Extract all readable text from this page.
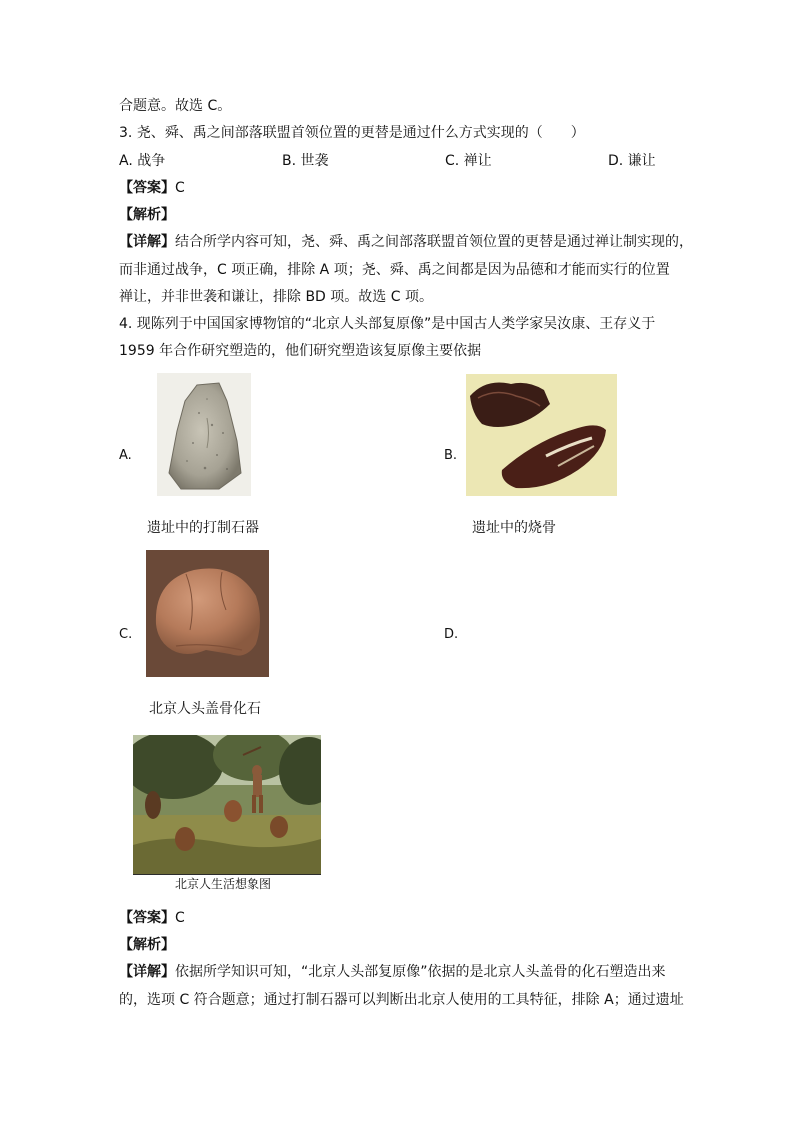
合题意。故选 C。
3. 尧、舜、禹之间部落联盟首领位置的更替是通过什么方式实现的（　　）
A. 战争	B. 世袭	C. 禅让	D. 谦让
【答案】C
【解析】
【详解】结合所学内容可知，尧、舜、禹之间部落联盟首领位置的更替是通过禅让制实现的，
而非通过战争，C 项正确，排除 A 项；尧、舜、禹之间都是因为品德和才能而实行的位置
禅让，并非世袭和谦让，排除 BD 项。故选 C 项。
4. 现陈列于中国国家博物馆的“北京人头部复原像”是中国古人类学家吴汝康、王存义于
1959 年合作研究塑造的，他们研究塑造该复原像主要依据
A.
遗址中的打制石器
B.
遗址中的烧骨
C.
北京人头盖骨化石
D.
北京人生活想象图
【答案】C
【解析】
【详解】依据所学知识可知，“北京人头部复原像”依据的是北京人头盖骨的化石塑造出来
的，选项 C 符合题意；通过打制石器可以判断出北京人使用的工具特征，排除 A；通过遗址
